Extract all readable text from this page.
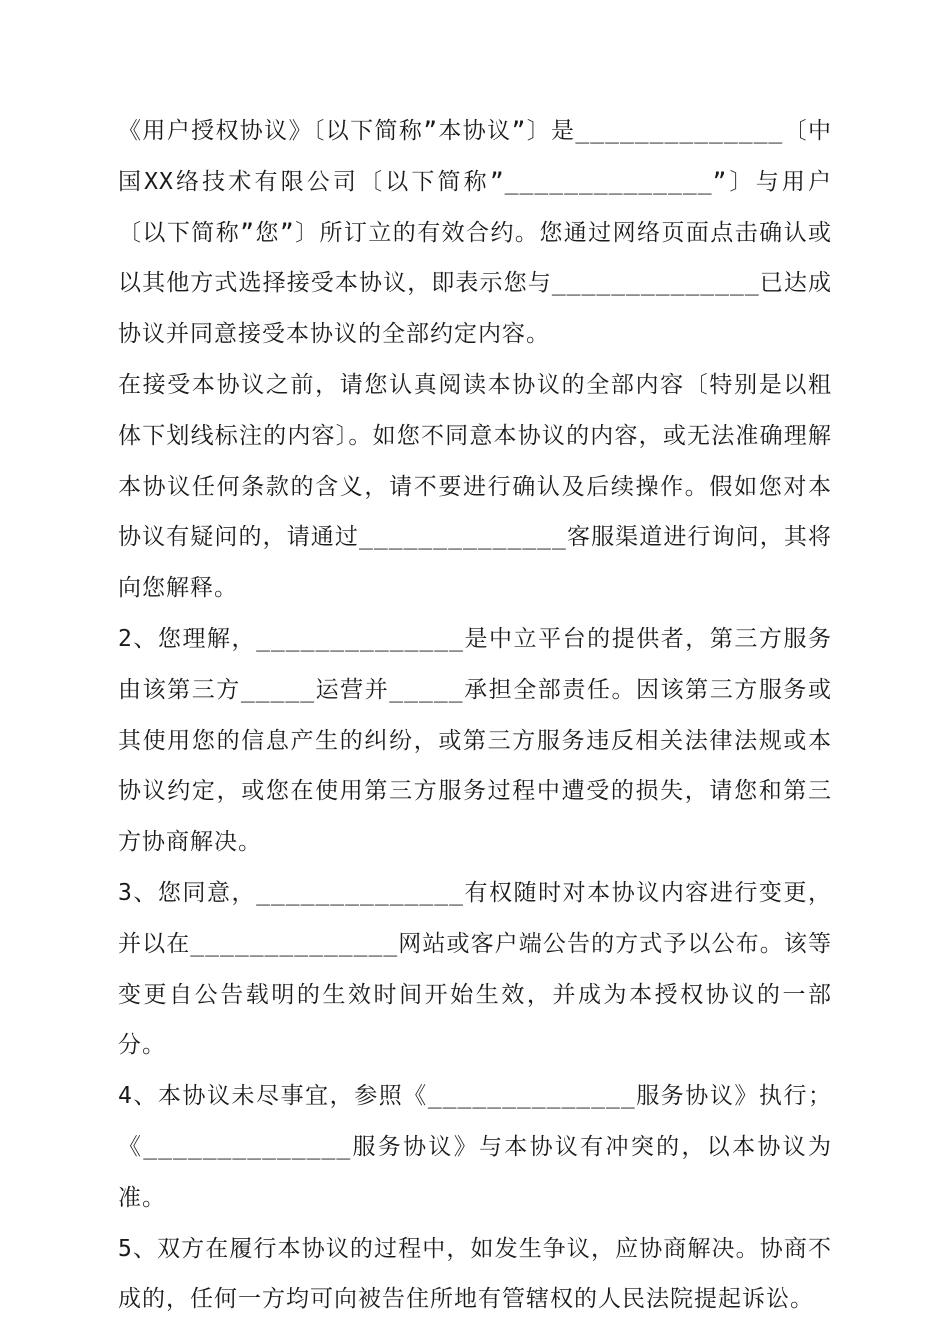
《用户授权协议》〔以下简称”本协议”〕是______________〔中国XX络技术有限公司〔以下简称”______________”〕与用户〔以下简称”您”〕所订立的有效合约。您通过网络页面点击确认或以其他方式选择接受本协议，即表示您与______________已达成协议并同意接受本协议的全部约定内容。

在接受本协议之前，请您认真阅读本协议的全部内容〔特别是以粗体下划线标注的内容〕。如您不同意本协议的内容，或无法准确理解本协议任何条款的含义，请不要进行确认及后续操作。假如您对本协议有疑问的，请通过______________客服渠道进行询问，其将向您解释。

2、您理解，______________是中立平台的提供者，第三方服务由该第三方_____运营并_____承担全部责任。因该第三方服务或其使用您的信息产生的纠纷，或第三方服务违反相关法律法规或本协议约定，或您在使用第三方服务过程中遭受的损失，请您和第三方协商解决。

3、您同意，______________有权随时对本协议内容进行变更，并以在______________网站或客户端公告的方式予以公布。该等变更自公告载明的生效时间开始生效，并成为本授权协议的一部分。

4、本协议未尽事宜，参照《______________服务协议》执行；《______________服务协议》与本协议有冲突的，以本协议为准。

5、双方在履行本协议的过程中，如发生争议，应协商解决。协商不成的，任何一方均可向被告住所地有管辖权的人民法院提起诉讼。
